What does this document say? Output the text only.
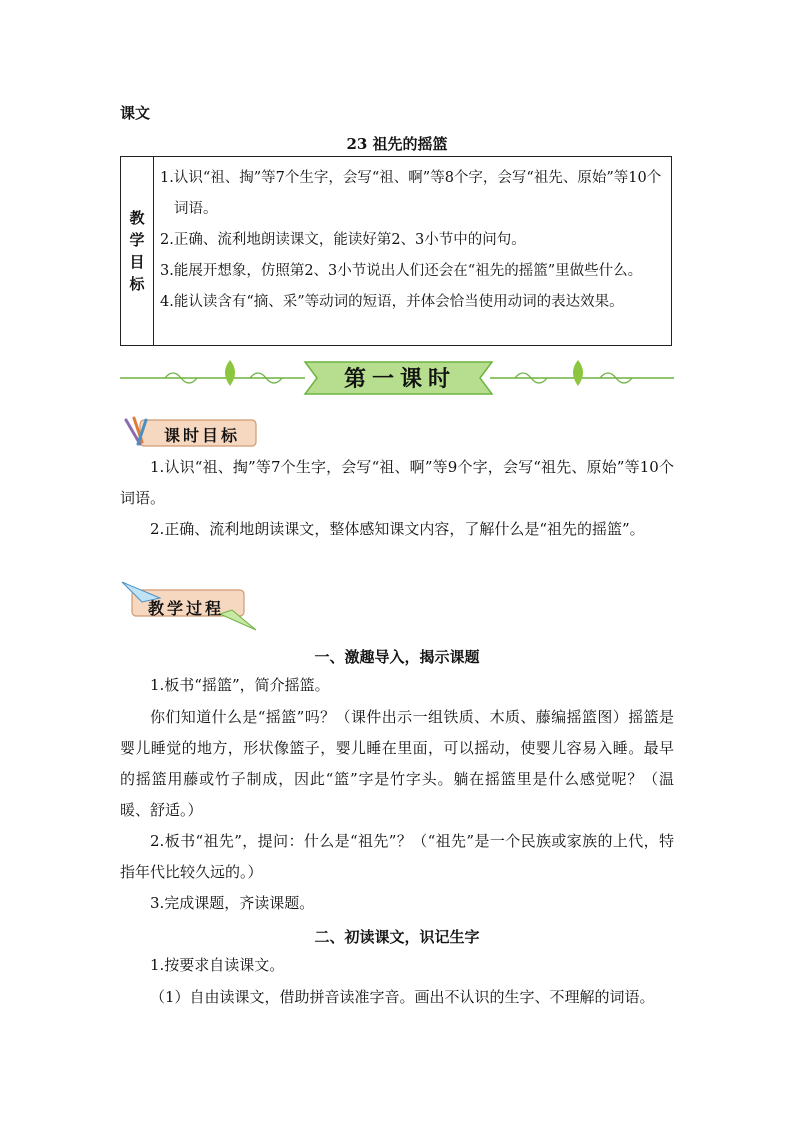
课文
23 祖先的摇篮
教
学
目
标

1.认识“祖、掏”等7个生字，会写“祖、啊”等8个字，会写“祖先、原始”等10个词语。

2.正确、流利地朗读课文，能读好第2、3小节中的问句。

3.能展开想象，仿照第2、3小节说出人们还会在“祖先的摇篮”里做些什么。

4.能认读含有“摘、采”等动词的短语，并体会恰当使用动词的表达效果。

第一课时
课时目标

1.认识“祖、掏”等7个生字，会写“祖、啊”等9个字，会写“祖先、原始”等10个词语。

2.正确、流利地朗读课文，整体感知课文内容，了解什么是“祖先的摇篮”。

教学过程
一、激趣导入，揭示课题

1.板书“摇篮”，简介摇篮。

你们知道什么是“摇篮”吗？（课件出示一组铁质、木质、藤编摇篮图）摇篮是婴儿睡觉的地方，形状像篮子，婴儿睡在里面，可以摇动，使婴儿容易入睡。最早的摇篮用藤或竹子制成，因此“篮”字是竹字头。躺在摇篮里是什么感觉呢？（温暖、舒适。）

2.板书“祖先”，提问：什么是“祖先”？（“祖先”是一个民族或家族的上代，特指年代比较久远的。）

3.完成课题，齐读课题。

二、初读课文，识记生字

1.按要求自读课文。

（1）自由读课文，借助拼音读准字音。画出不认识的生字、不理解的词语。
